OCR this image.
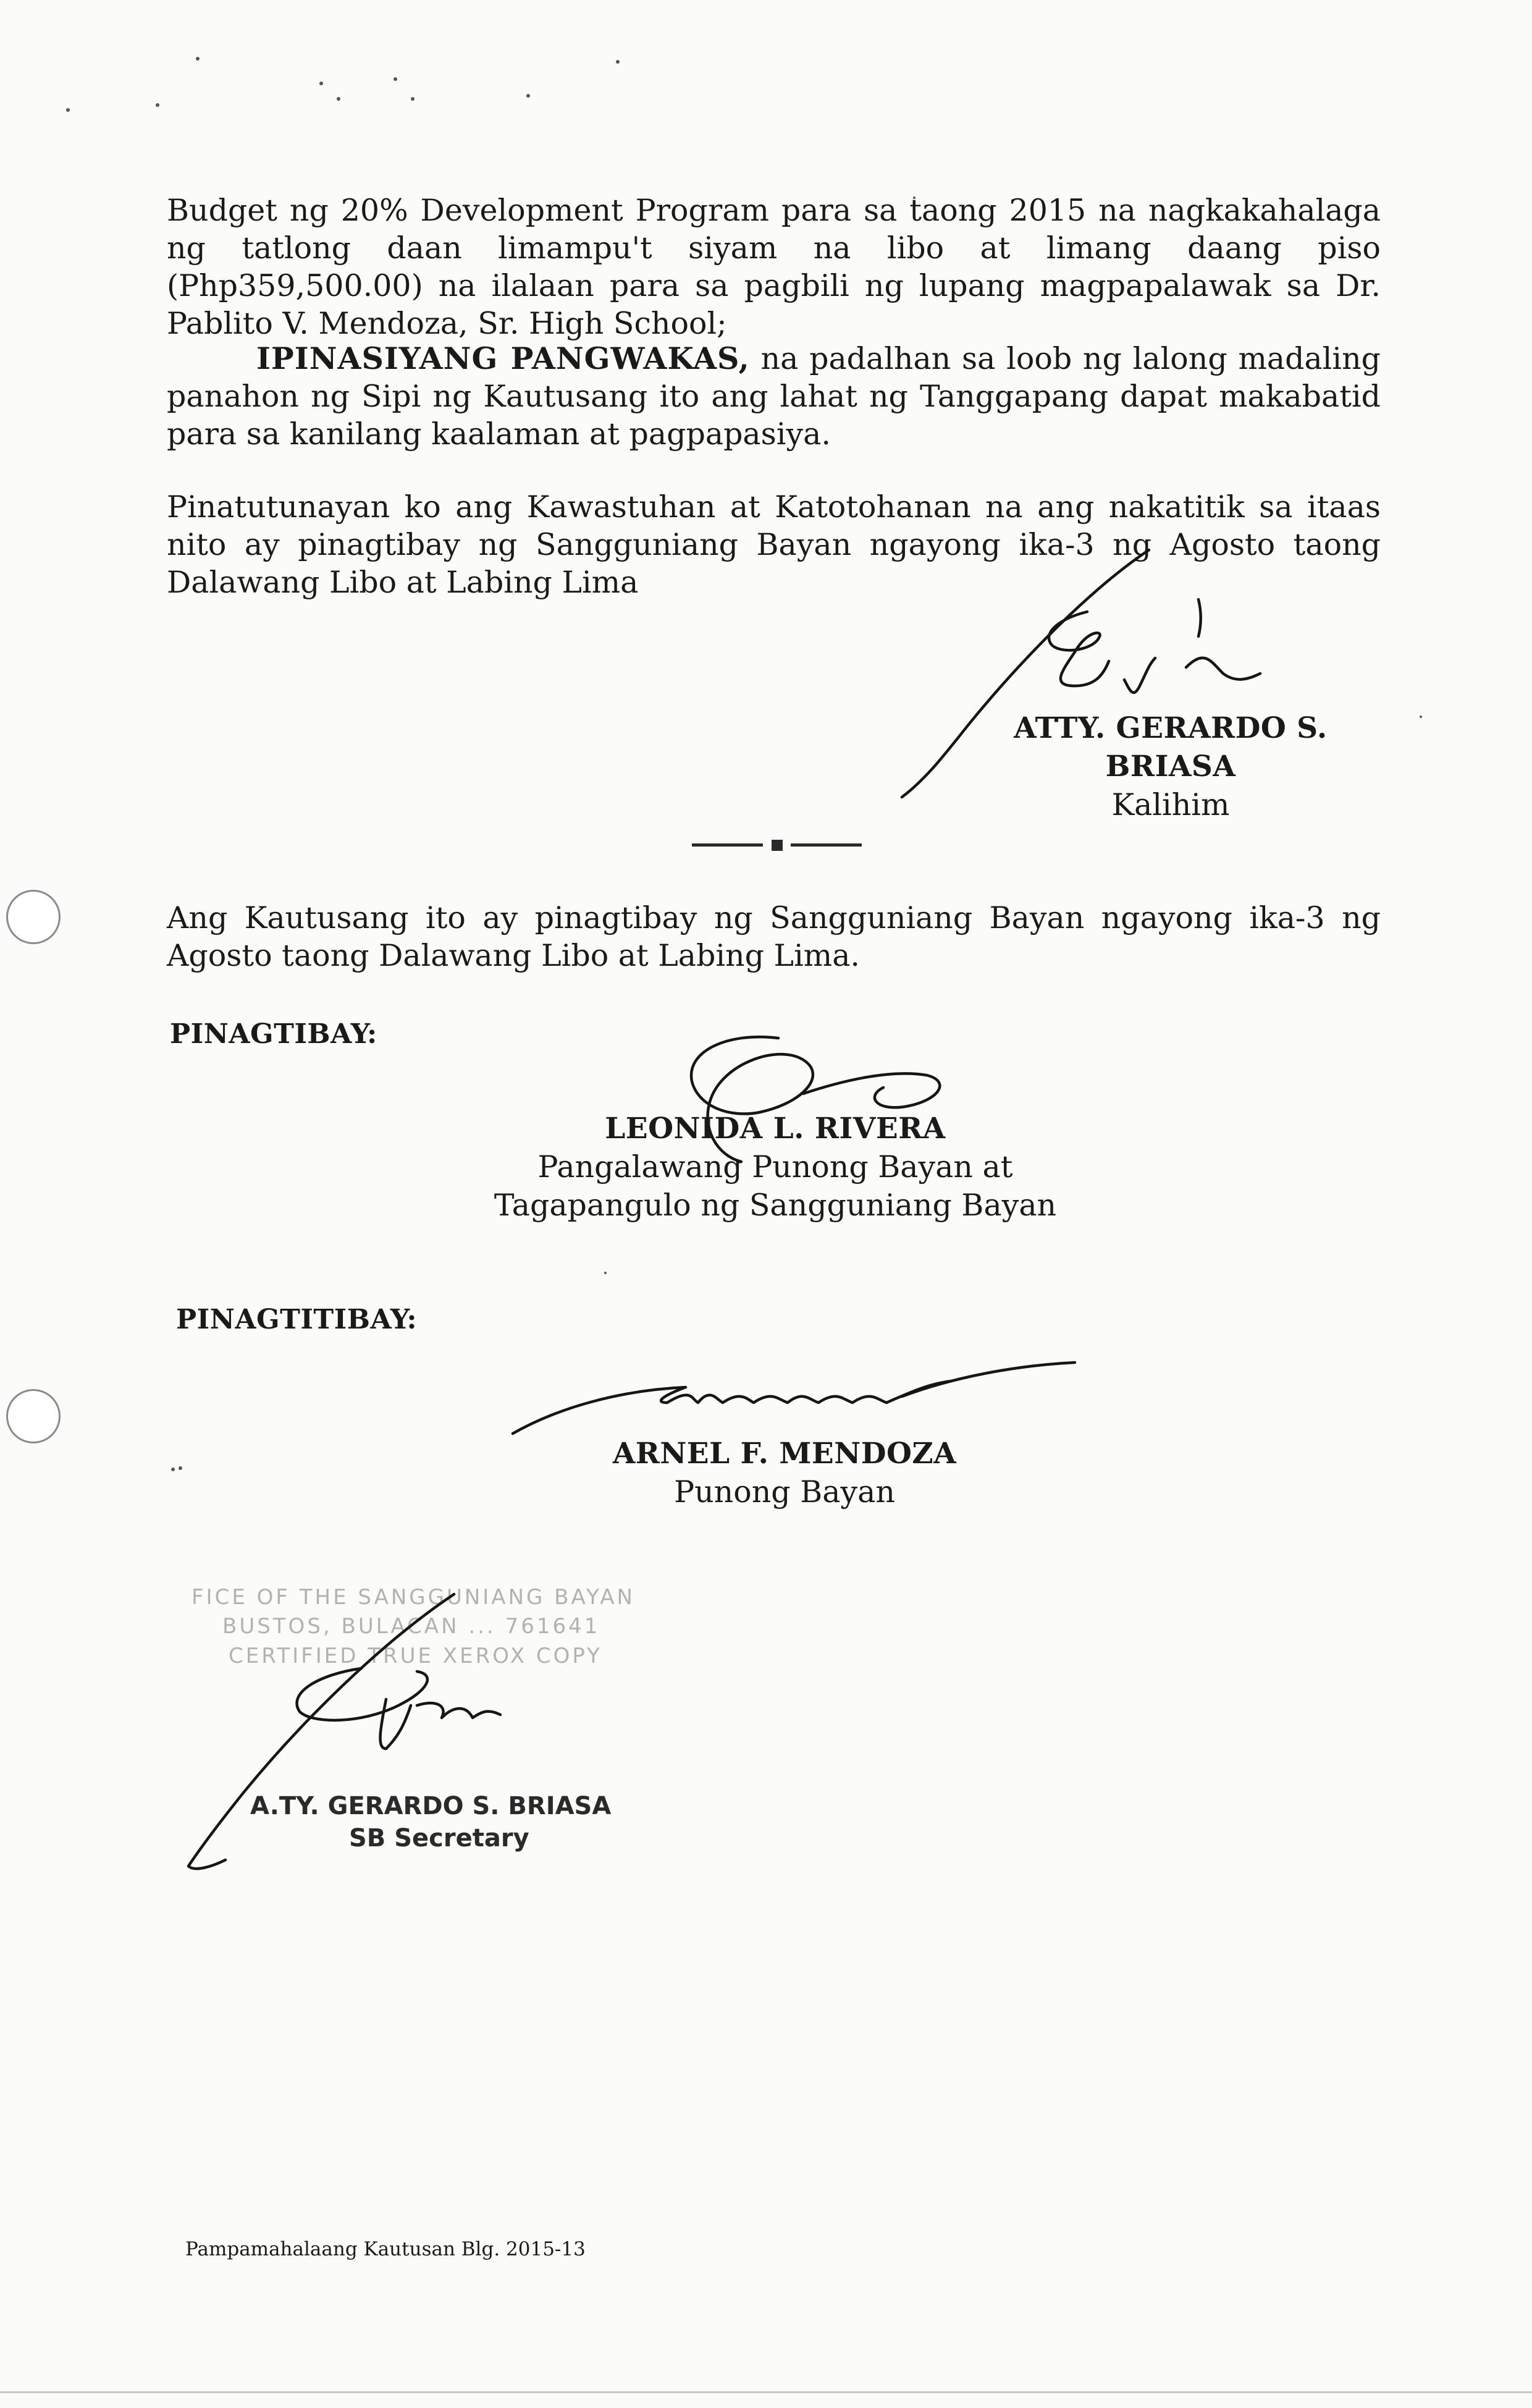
Budget ng 20% Development Program para sa taong 2015 na nagkakahalaga ng tatlong daan limampu't siyam na libo at limang daang piso (Php359,500.00) na ilalaan para sa pagbili ng lupang magpapalawak sa Dr. Pablito V. Mendoza, Sr. High School;
IPINASIYANG PANGWAKAS, na padalhan sa loob ng lalong madaling panahon ng Sipi ng Kautusang ito ang lahat ng Tanggapang dapat makabatid para sa kanilang kaalaman at pagpapasiya.
Pinatutunayan ko ang Kawastuhan at Katotohanan na ang nakatitik sa itaas nito ay pinagtibay ng Sangguniang Bayan ngayong ika-3 ng Agosto taong Dalawang Libo at Labing Lima
ATTY. GERARDO S. BRIASA
Kalihim
Ang Kautusang ito ay pinagtibay ng Sangguniang Bayan ngayong ika-3 ng Agosto taong Dalawang Libo at Labing Lima.
PINAGTIBAY:
LEONIDA L. RIVERA
Pangalawang Punong Bayan at
Tagapangulo ng Sangguniang Bayan
PINAGTITIBAY:
ARNEL F. MENDOZA
Punong Bayan
FICE OF THE SANGGUNIANG BAYAN
BUSTOS, BULACAN ... 761641
CERTIFIED TRUE XEROX COPY
A.TY. GERARDO S. BRIASA
SB Secretary
Pampamahalaang Kautusan Blg. 2015-13
